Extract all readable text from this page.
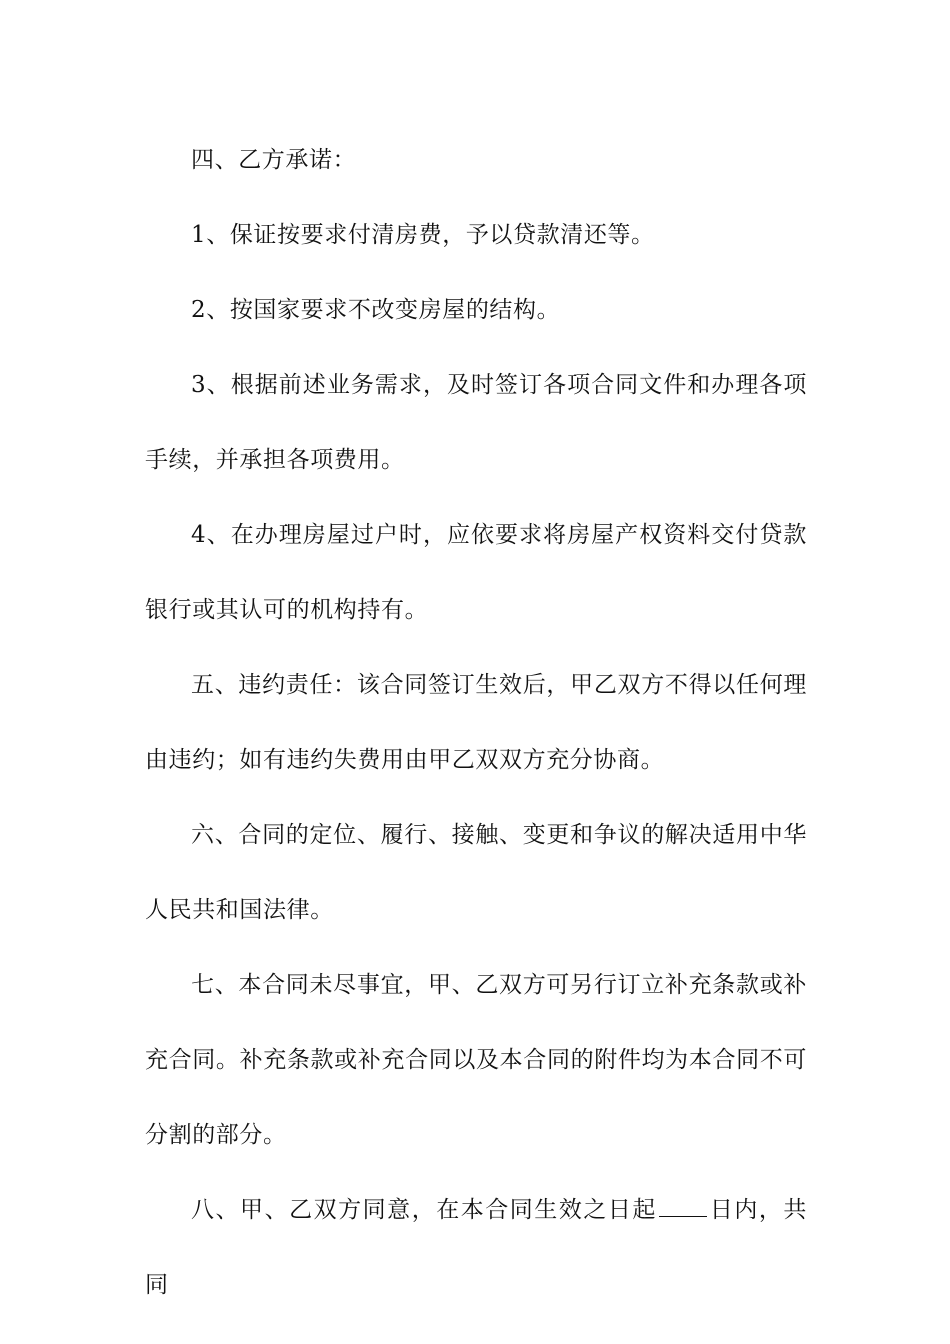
四、乙方承诺：

1、保证按要求付清房费，予以贷款清还等。

2、按国家要求不改变房屋的结构。

3、根据前述业务需求，及时签订各项合同文件和办理各项手续，并承担各项费用。

4、在办理房屋过户时，应依要求将房屋产权资料交付贷款银行或其认可的机构持有。

五、违约责任：该合同签订生效后，甲乙双方不得以任何理由违约；如有违约失费用由甲乙双双方充分协商。

六、合同的定位、履行、接触、变更和争议的解决适用中华人民共和国法律。

七、本合同未尽事宜，甲、乙双方可另行订立补充条款或补充合同。补充条款或补充合同以及本合同的附件均为本合同不可分割的部分。

八、甲、乙双方同意，在本合同生效之日起 日内，共同
